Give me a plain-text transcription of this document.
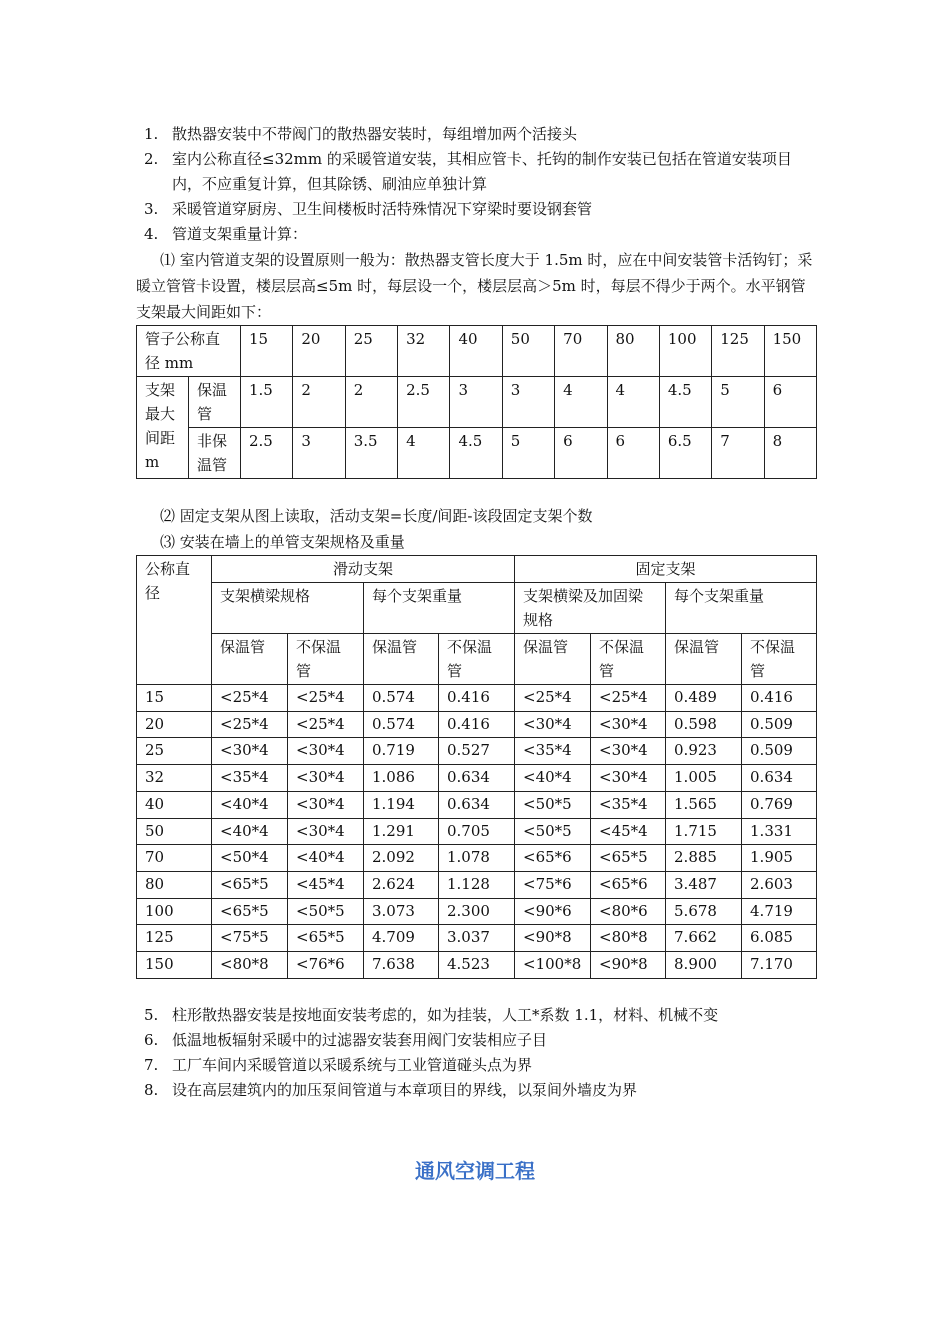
1. 散热器安装中不带阀门的散热器安装时，每组增加两个活接头
2. 室内公称直径≤32mm 的采暖管道安装，其相应管卡、托钩的制作安装已包括在管道安装项目内，不应重复计算，但其除锈、刷油应单独计算
3. 采暖管道穿厨房、卫生间楼板时活特殊情况下穿梁时要设钢套管
4. 管道支架重量计算：

⑴ 室内管道支架的设置原则一般为：散热器支管长度大于 1.5m 时，应在中间安装管卡活钩钉；采暖立管管卡设置，楼层层高≤5m 时，每层设一个，楼层层高＞5m 时，每层不得少于两个。水平钢管支架最大间距如下：

管子公称直径 mm		15	20	25	32	40	50	70	80	100	125	150
支架最大间距 m	保温管	1.5	2	2	2.5	3	3	4	4	4.5	5	6
	非保温管	2.5	3	3.5	4	4.5	5	6	6	6.5	7	8

⑵ 固定支架从图上读取，活动支架=长度/间距-该段固定支架个数

⑶ 安装在墙上的单管支架规格及重量

公称直径	滑动支架				固定支架			
	支架横梁规格		每个支架重量		支架横梁及加固梁规格		每个支架重量	
	保温管	不保温管	保温管	不保温管	保温管	不保温管	保温管	不保温管
15	<25*4	<25*4	0.574	0.416	<25*4	<25*4	0.489	0.416
20	<25*4	<25*4	0.574	0.416	<30*4	<30*4	0.598	0.509
25	<30*4	<30*4	0.719	0.527	<35*4	<30*4	0.923	0.509
32	<35*4	<30*4	1.086	0.634	<40*4	<30*4	1.005	0.634
40	<40*4	<30*4	1.194	0.634	<50*5	<35*4	1.565	0.769
50	<40*4	<30*4	1.291	0.705	<50*5	<45*4	1.715	1.331
70	<50*4	<40*4	2.092	1.078	<65*6	<65*5	2.885	1.905
80	<65*5	<45*4	2.624	1.128	<75*6	<65*6	3.487	2.603
100	<65*5	<50*5	3.073	2.300	<90*6	<80*6	5.678	4.719
125	<75*5	<65*5	4.709	3.037	<90*8	<80*8	7.662	6.085
150	<80*8	<76*6	7.638	4.523	<100*8	<90*8	8.900	7.170
5. 柱形散热器安装是按地面安装考虑的，如为挂装，人工*系数 1.1，材料、机械不变
6. 低温地板辐射采暖中的过滤器安装套用阀门安装相应子目
7. 工厂车间内采暖管道以采暖系统与工业管道碰头点为界
8. 设在高层建筑内的加压泵间管道与本章项目的界线，以泵间外墙皮为界
通风空调工程
